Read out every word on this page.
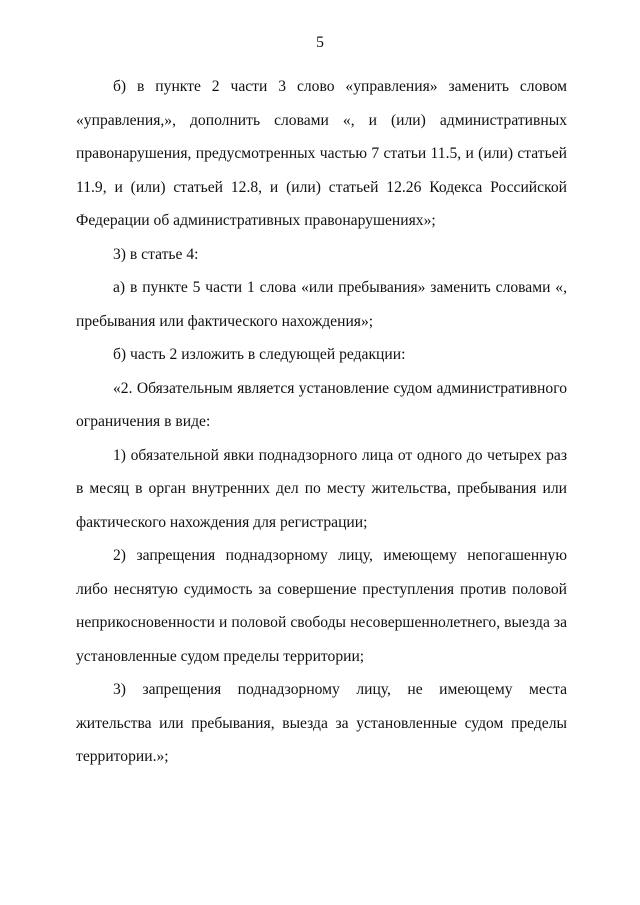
5

б) в пункте 2 части 3 слово «управления» заменить словом «управления,», дополнить словами «, и (или) административных правонарушения, предусмотренных частью 7 статьи 11.5, и (или) статьей 11.9, и (или) статьей 12.8, и (или) статьей 12.26 Кодекса Российской Федерации об административных правонарушениях»;

3) в статье 4:

а) в пункте 5 части 1 слова «или пребывания» заменить словами «, пребывания или фактического нахождения»;

б) часть 2 изложить в следующей редакции:

«2. Обязательным является установление судом административного ограничения в виде:

1) обязательной явки поднадзорного лица от одного до четырех раз в месяц в орган внутренних дел по месту жительства, пребывания или фактического нахождения для регистрации;

2) запрещения поднадзорному лицу, имеющему непогашенную либо неснятую судимость за совершение преступления против половой неприкосновенности и половой свободы несовершеннолетнего, выезда за установленные судом пределы территории;

3) запрещения поднадзорному лицу, не имеющему места жительства или пребывания, выезда за установленные судом пределы территории.»;
